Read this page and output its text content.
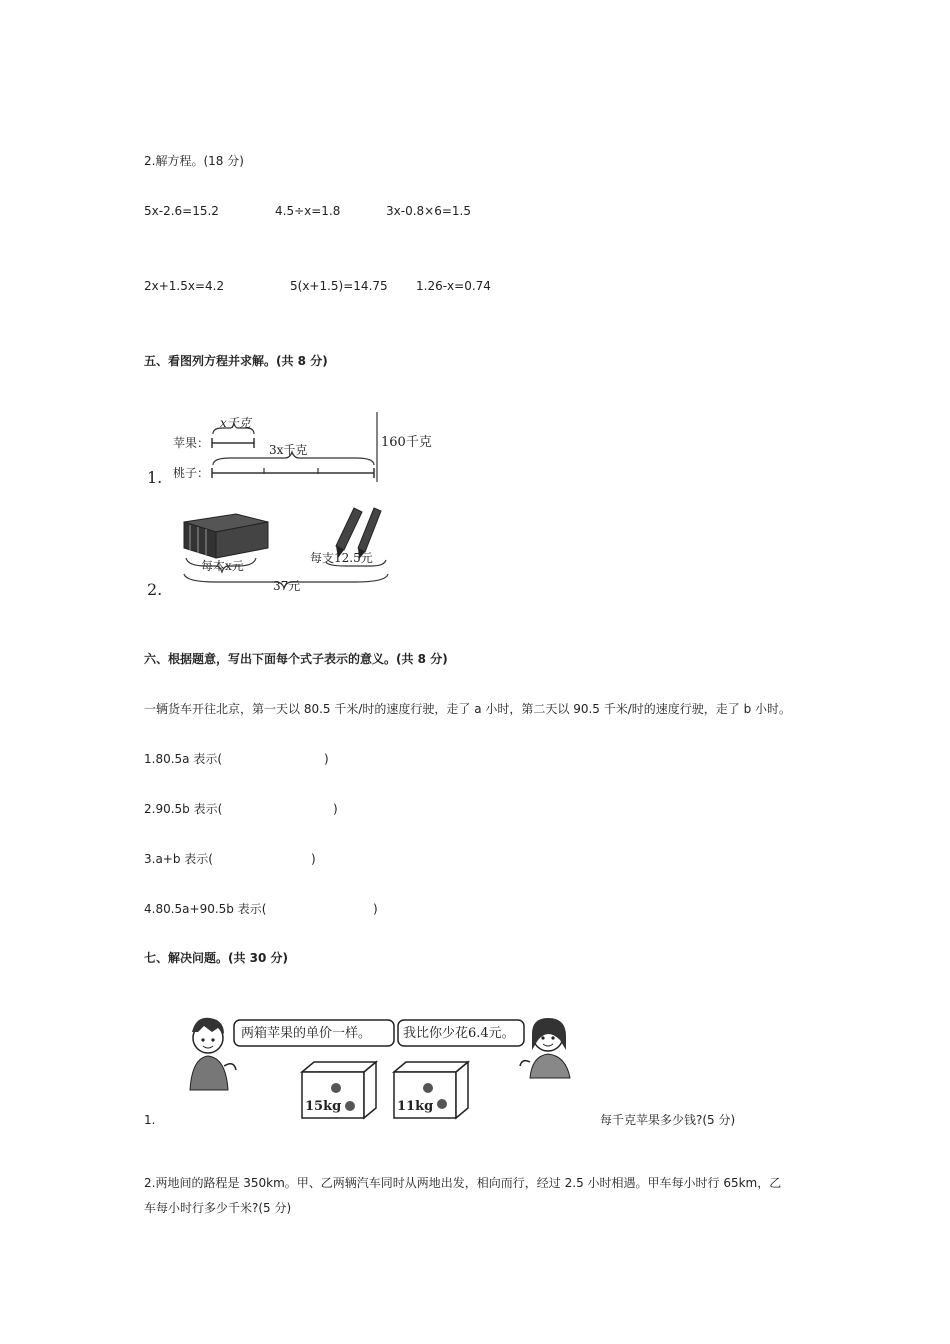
2.解方程。(18 分)
5x-2.6=15.2	4.5÷x=1.8	3x-0.8×6=1.5
2x+1.5x=4.2	5(x+1.5)=14.75 1.26-x=0.74
五、看图列方程并求解。(共 8 分)
1.
苹果：
桃子：
x千克
3x千克	160千克
2.
每本x元
每支12.5元
37元
六、根据题意，写出下面每个式子表示的意义。(共 8 分)
一辆货车开往北京，第一天以 80.5 千米/时的速度行驶，走了 a 小时，第二天以 90.5 千米/时的速度行驶，走了 b 小时。
1.80.5a 表示(	)
2.90.5b 表示(	)
3.a+b 表示(	)
4.80.5a+90.5b 表示(	)
七、解决问题。(共 30 分)
1.
两箱苹果的单价一样。 我比你少花6.4元。
15kg	11kg
每千克苹果多少钱?(5 分)
2.两地间的路程是 350km。甲、乙两辆汽车同时从两地出发，相向而行，经过 2.5 小时相遇。甲车每小时行 65km，乙
车每小时行多少千米?(5 分)
